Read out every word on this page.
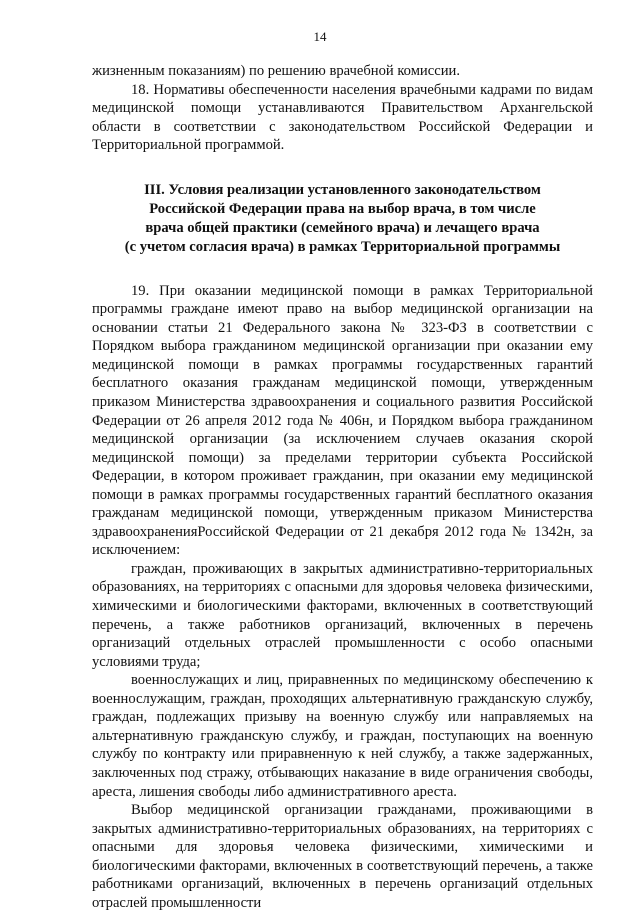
14

жизненным показаниям) по решению врачебной комиссии.

18. Нормативы обеспеченности населения врачебными кадрами по видам медицинской помощи устанавливаются Правительством Архангельской области в соответствии с законодательством Российской Федерации и Территориальной программой.

III. Условия реализации установленного законодательством
Российской Федерации права на выбор врача, в том числе
врача общей практики (семейного врача) и лечащего врача
(с учетом согласия врача) в рамках Территориальной программы

19. При оказании медицинской помощи в рамках Территориальной программы граждане имеют право на выбор медицинской организации на основании статьи 21 Федерального закона № 323-ФЗ в соответствии с Порядком выбора гражданином медицинской организации при оказании ему медицинской помощи в рамках программы государственных гарантий бесплатного оказания гражданам медицинской помощи, утвержденным приказом Министерства здравоохранения и социального развития Российской Федерации от 26 апреля 2012 года № 406н, и Порядком выбора гражданином медицинской организации (за исключением случаев оказания скорой медицинской помощи) за пределами территории субъекта Российской Федерации, в котором проживает гражданин, при оказании ему медицинской помощи в рамках программы государственных гарантий бесплатного оказания гражданам медицинской помощи, утвержденным приказом Министерства здравоохраненияРоссийской Федерации от 21 декабря 2012 года № 1342н, за исключением:

граждан, проживающих в закрытых административно-территориальных образованиях, на территориях с опасными для здоровья человека физическими, химическими и биологическими факторами, включенных в соответствующий перечень, а также работников организаций, включенных в перечень организаций отдельных отраслей промышленности с особо опасными условиями труда;

военнослужащих и лиц, приравненных по медицинскому обеспечению к военнослужащим, граждан, проходящих альтернативную гражданскую службу, граждан, подлежащих призыву на военную службу или направляемых на альтернативную гражданскую службу, и граждан, поступающих на военную службу по контракту или приравненную к ней службу, а также задержанных, заключенных под стражу, отбывающих наказание в виде ограничения свободы, ареста, лишения свободы либо административного ареста.

Выбор медицинской организации гражданами, проживающими в закрытых административно-территориальных образованиях, на территориях с опасными для здоровья человека физическими, химическими и биологическими факторами, включенных в соответствующий перечень, а также работниками организаций, включенных в перечень организаций отдельных отраслей промышленности
